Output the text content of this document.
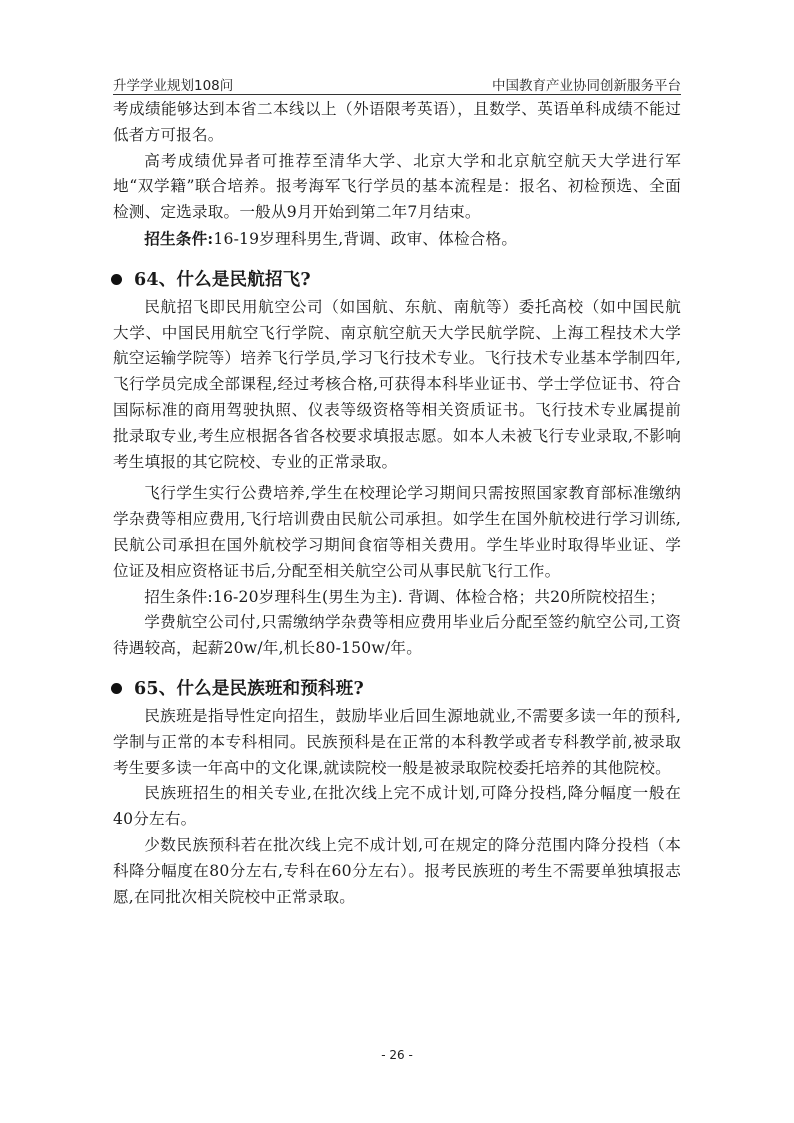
升学学业规划108问	中国教育产业协同创新服务平台

考成绩能够达到本省二本线以上（外语限考英语），且数学、英语单科成绩不能过低者方可报名。

高考成绩优异者可推荐至清华大学、北京大学和北京航空航天大学进行军地“双学籍”联合培养。报考海军飞行学员的基本流程是：报名、初检预选、全面检测、定选录取。一般从9月开始到第二年7月结束。

招生条件:16-19岁理科男生,背调、政审、体检合格。

64、什么是民航招飞?

民航招飞即民用航空公司（如国航、东航、南航等）委托高校（如中国民航大学、中国民用航空飞行学院、南京航空航天大学民航学院、上海工程技术大学航空运输学院等）培养飞行学员,学习飞行技术专业。飞行技术专业基本学制四年,飞行学员完成全部课程,经过考核合格,可获得本科毕业证书、学士学位证书、符合国际标准的商用驾驶执照、仪表等级资格等相关资质证书。飞行技术专业属提前批录取专业,考生应根据各省各校要求填报志愿。如本人未被飞行专业录取,不影响考生填报的其它院校、专业的正常录取。

飞行学生实行公费培养,学生在校理论学习期间只需按照国家教育部标准缴纳学杂费等相应费用,飞行培训费由民航公司承担。如学生在国外航校进行学习训练,民航公司承担在国外航校学习期间食宿等相关费用。学生毕业时取得毕业证、学位证及相应资格证书后,分配至相关航空公司从事民航飞行工作。

招生条件:16-20岁理科生(男生为主). 背调、体检合格；共20所院校招生；

学费航空公司付,只需缴纳学杂费等相应费用毕业后分配至签约航空公司,工资待遇较高，起薪20w/年,机长80-150w/年。

65、什么是民族班和预科班?

民族班是指导性定向招生，鼓励毕业后回生源地就业,不需要多读一年的预科,学制与正常的本专科相同。民族预科是在正常的本科教学或者专科教学前,被录取考生要多读一年高中的文化课,就读院校一般是被录取院校委托培养的其他院校。

民族班招生的相关专业,在批次线上完不成计划,可降分投档,降分幅度一般在40分左右。

少数民族预科若在批次线上完不成计划,可在规定的降分范围内降分投档（本科降分幅度在80分左右,专科在60分左右）。报考民族班的考生不需要单独填报志愿,在同批次相关院校中正常录取。

- 26 -
